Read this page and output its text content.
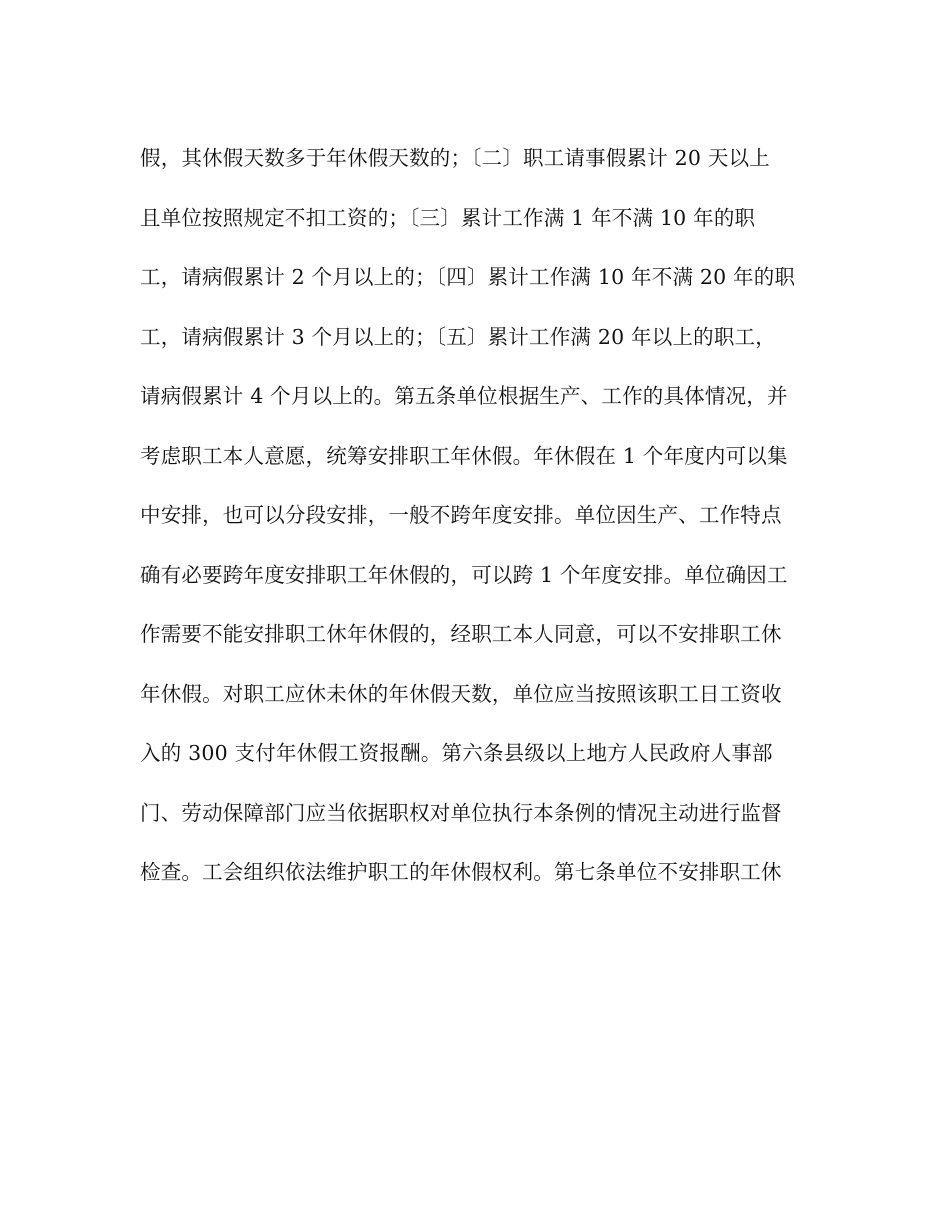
假，其休假天数多于年休假天数的；〔二〕职工请事假累计 20 天以上
且单位按照规定不扣工资的；〔三〕累计工作满 1 年不满 10 年的职
工，请病假累计 2 个月以上的；〔四〕累计工作满 10 年不满 20 年的职
工，请病假累计 3 个月以上的；〔五〕累计工作满 20 年以上的职工，
请病假累计 4 个月以上的。第五条单位根据生产、工作的具体情况，并
考虑职工本人意愿，统筹安排职工年休假。年休假在 1 个年度内可以集
中安排，也可以分段安排，一般不跨年度安排。单位因生产、工作特点
确有必要跨年度安排职工年休假的，可以跨 1 个年度安排。单位确因工
作需要不能安排职工休年休假的，经职工本人同意，可以不安排职工休
年休假。对职工应休未休的年休假天数，单位应当按照该职工日工资收
入的 300 支付年休假工资报酬。第六条县级以上地方人民政府人事部
门、劳动保障部门应当依据职权对单位执行本条例的情况主动进行监督
检查。工会组织依法维护职工的年休假权利。第七条单位不安排职工休
